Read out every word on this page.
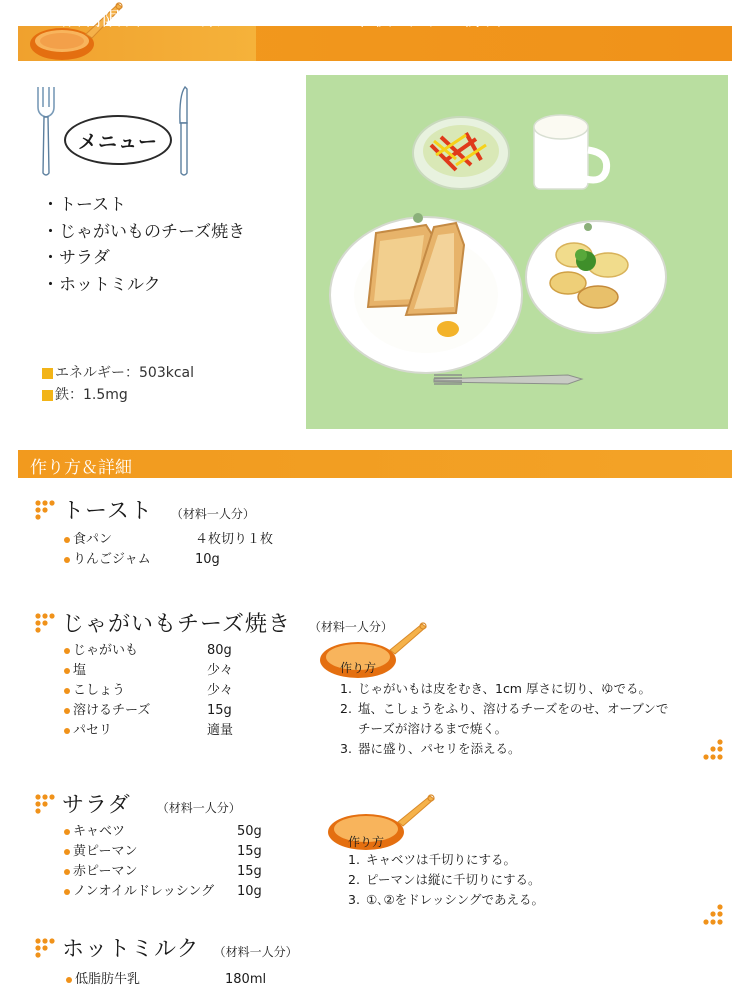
鉄制限食レシピ集 ２００５年秋（6）　朝食
メニュー
・ トースト
・ じゃがいものチーズ焼き
・ サラダ
・ ホットミルク
エネルギー：503kcal
鉄：1.5mg
作り方＆詳細
トースト （材料一人分）
食パン	４枚切り１枚
りんごジャム	10g
じゃがいもチーズ焼き （材料一人分）
じゃがいも	80g
塩	少々
こしょう	少々
溶けるチーズ	15g
パセリ	適量
作り方
1. じゃがいもは皮をむき、1cm 厚さに切り、ゆでる。
2. 塩、こしょうをふり、溶けるチーズをのせ、オーブンで
チーズが溶けるまで焼く。
3. 器に盛り、パセリを添える。
サラダ （材料一人分）
キャベツ	50g
黄ピーマン	15g
赤ピーマン	15g
ノンオイルドレッシング	10g
作り方
1. キャベツは千切りにする。
2. ピーマンは縦に千切りにする。
3. ①､②をドレッシングであえる。
ホットミルク （材料一人分）
低脂肪牛乳	180ml
